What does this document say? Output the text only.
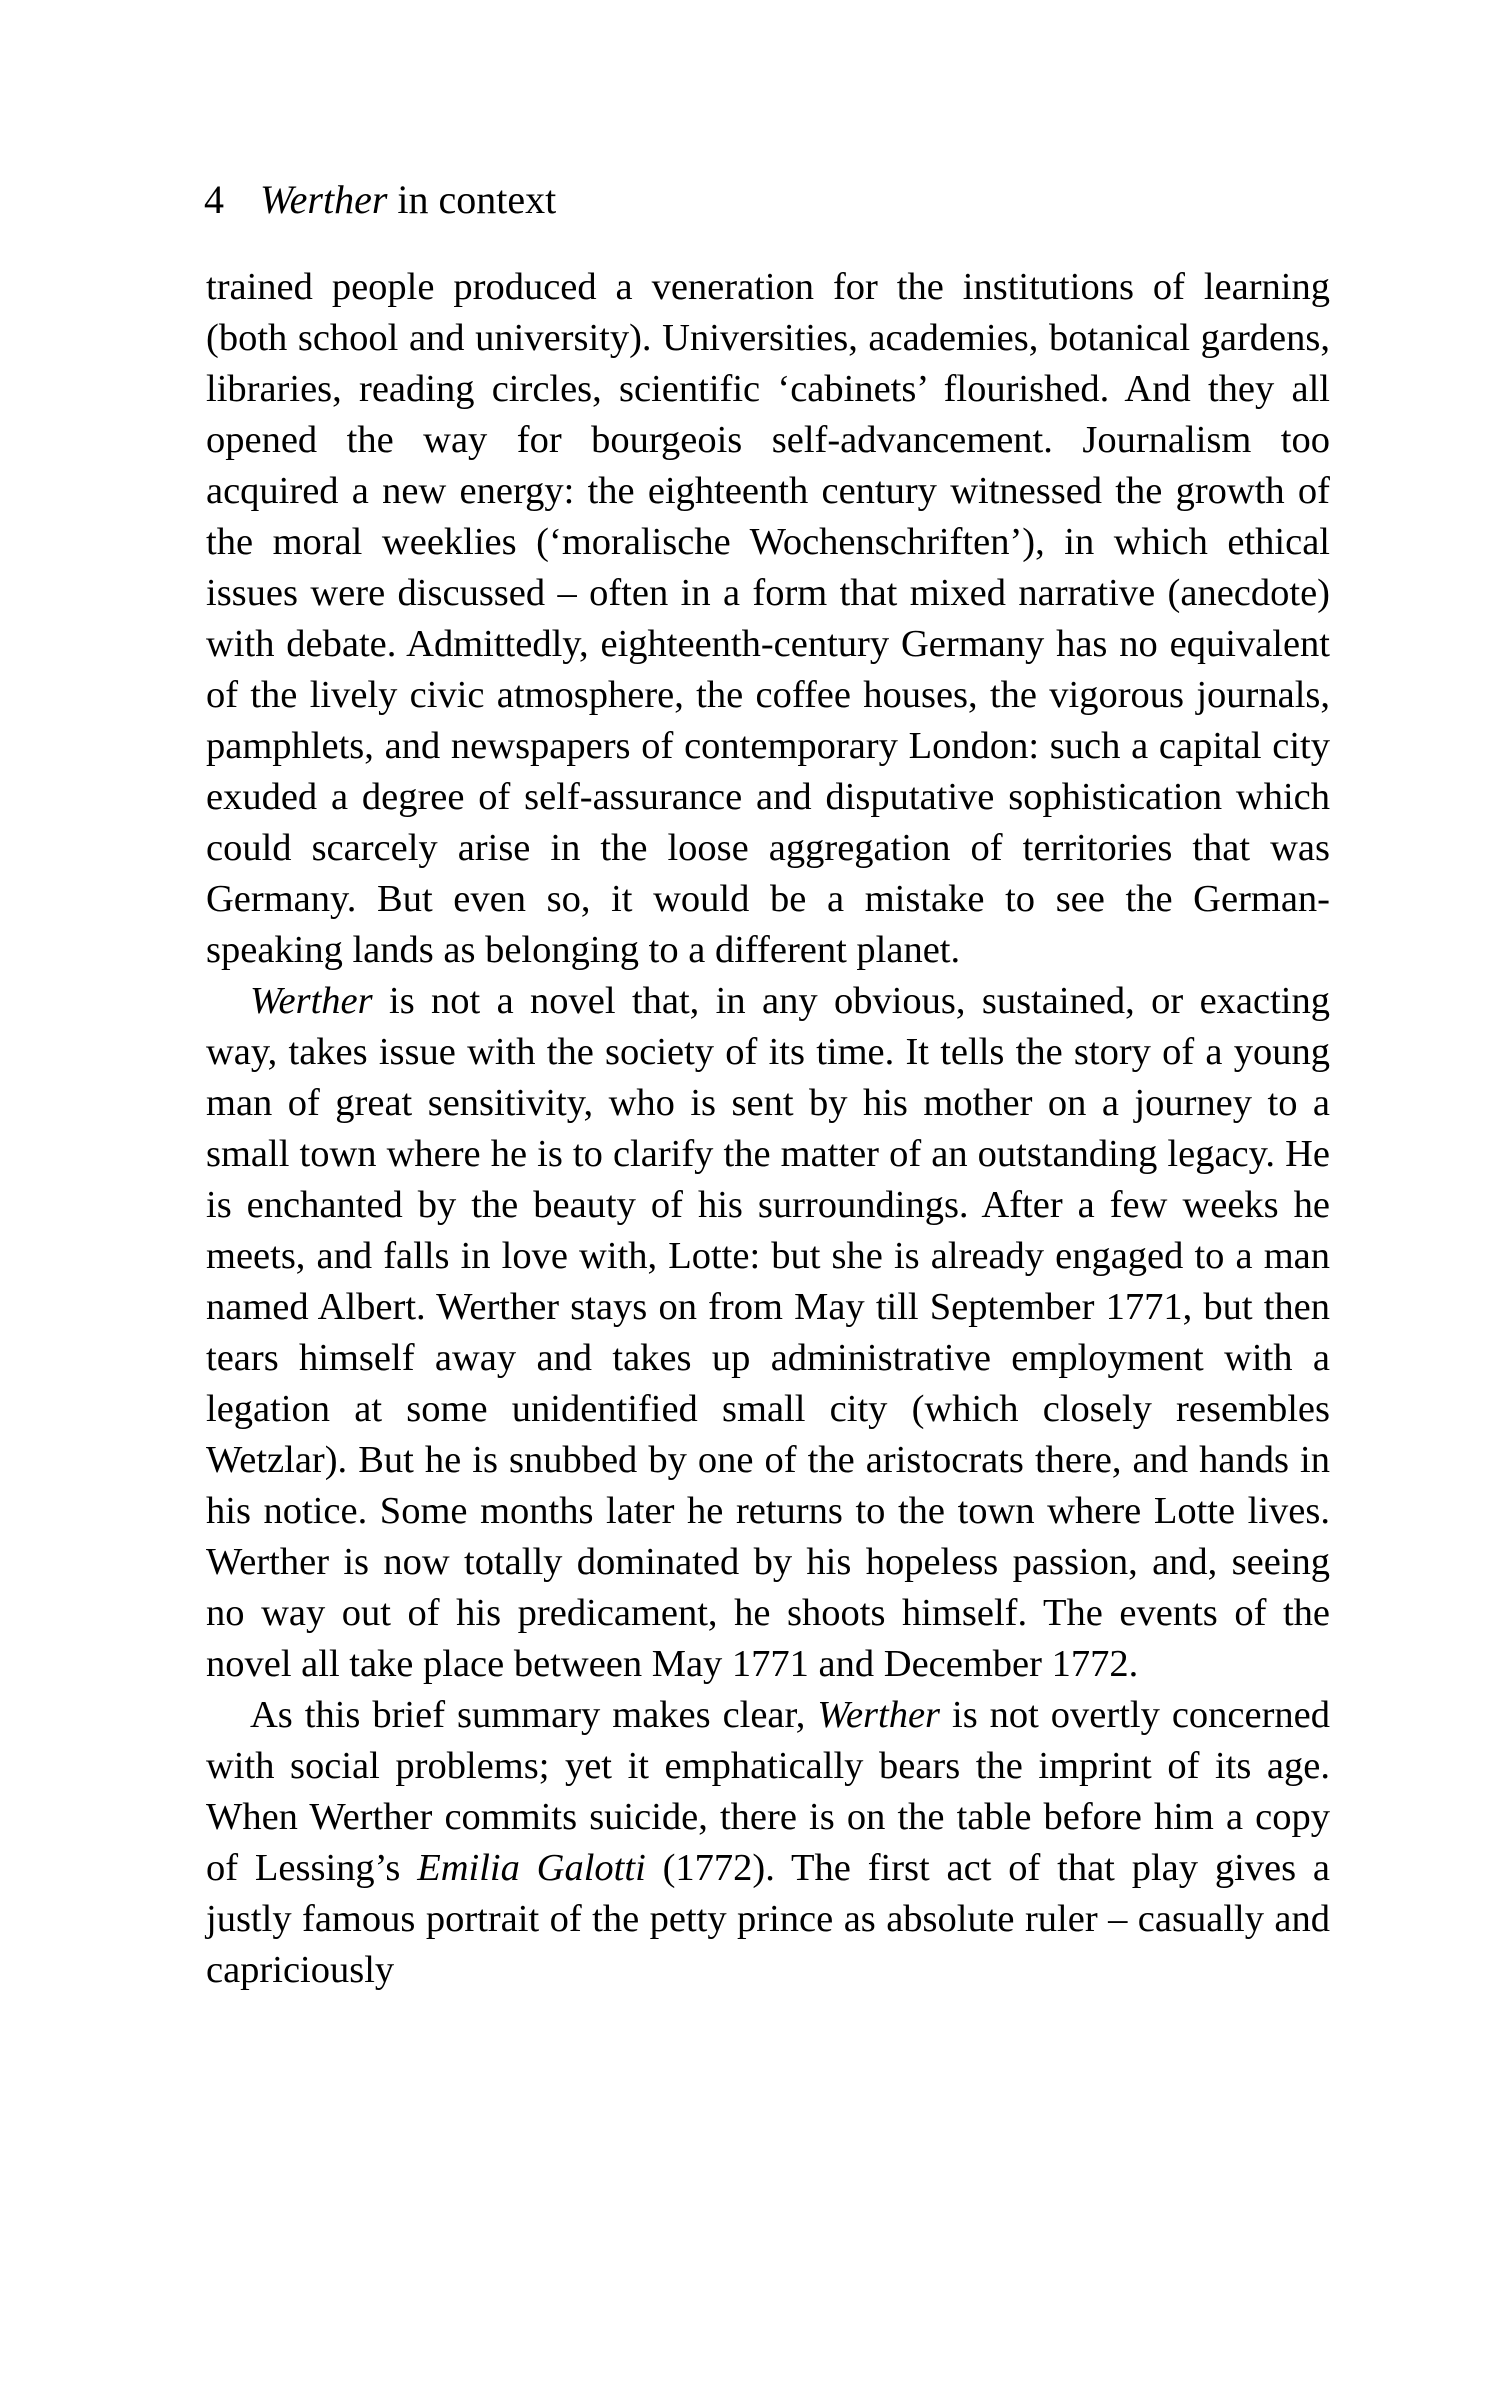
4 Werther in context

trained people produced a veneration for the institutions of learning (both school and university). Universities, academies, botanical gardens, libraries, reading circles, scientific ‘cabinets’ flourished. And they all opened the way for bourgeois self-advancement. Journalism too acquired a new energy: the eighteenth century witnessed the growth of the moral weeklies (‘moralische Wochenschriften’), in which ethical issues were discussed – often in a form that mixed narrative (anecdote) with debate. Admittedly, eighteenth-century Germany has no equivalent of the lively civic atmosphere, the coffee houses, the vigorous journals, pamphlets, and newspapers of contemporary London: such a capital city exuded a degree of self-assurance and disputative sophistication which could scarcely arise in the loose aggregation of territories that was Germany. But even so, it would be a mistake to see the German-speaking lands as belonging to a different planet.

Werther is not a novel that, in any obvious, sustained, or exacting way, takes issue with the society of its time. It tells the story of a young man of great sensitivity, who is sent by his mother on a journey to a small town where he is to clarify the matter of an outstanding legacy. He is enchanted by the beauty of his surroundings. After a few weeks he meets, and falls in love with, Lotte: but she is already engaged to a man named Albert. Werther stays on from May till September 1771, but then tears himself away and takes up administrative employment with a legation at some unidentified small city (which closely resembles Wetzlar). But he is snubbed by one of the aristocrats there, and hands in his notice. Some months later he returns to the town where Lotte lives. Werther is now totally dominated by his hopeless passion, and, seeing no way out of his predicament, he shoots himself. The events of the novel all take place between May 1771 and December 1772.

As this brief summary makes clear, Werther is not overtly concerned with social problems; yet it emphatically bears the imprint of its age. When Werther commits suicide, there is on the table before him a copy of Lessing’s Emilia Galotti (1772). The first act of that play gives a justly famous portrait of the petty prince as absolute ruler – casually and capriciously
